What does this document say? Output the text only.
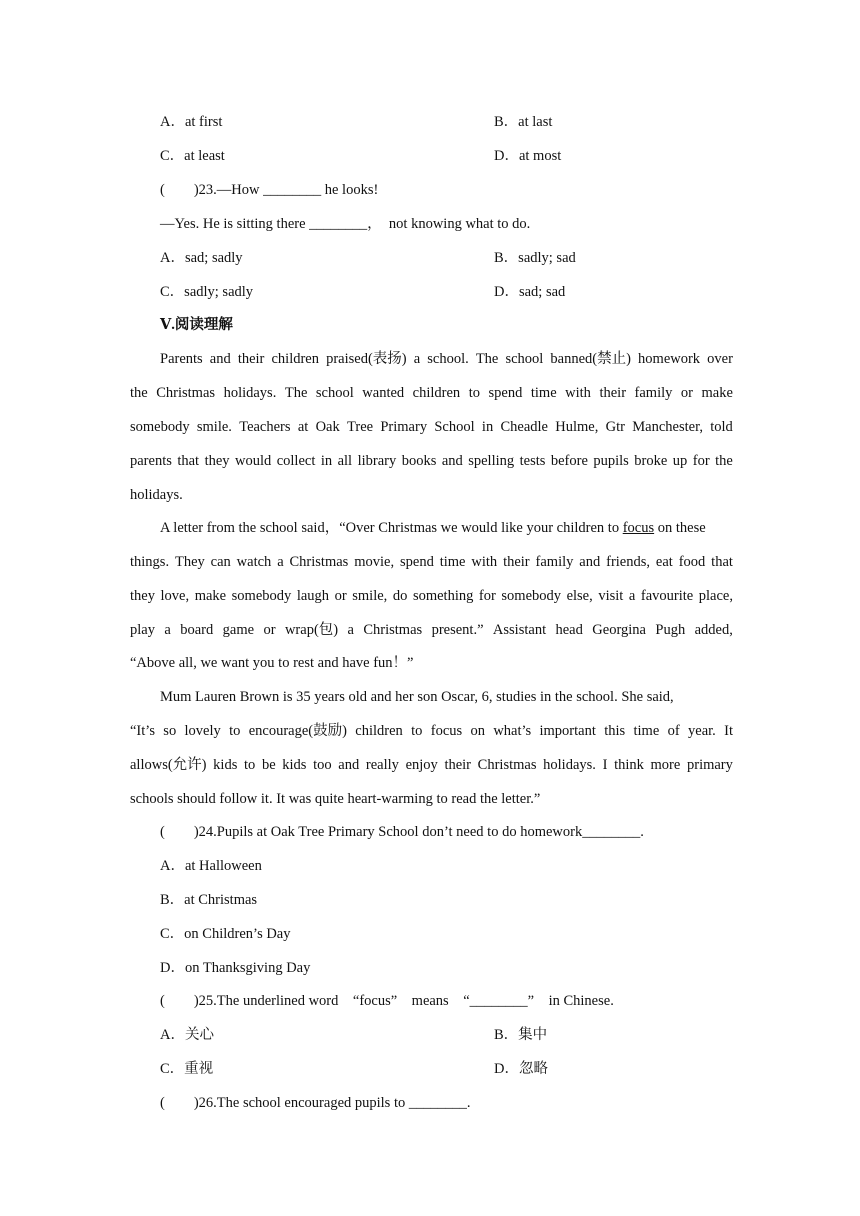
A．at first	B．at last
C．at least	D．at most
(　　)23.—How ________ he looks!
—Yes. He is sitting there ________，　not knowing what to do.
A．sad; sadly	B．sadly; sad
C．sadly; sadly	D．sad; sad
Ⅴ.阅读理解
Parents and their children praised(表扬) a school. The school banned(禁止) homework over
the Christmas holidays. The school wanted children to spend time with their family or make
somebody smile. Teachers at Oak Tree Primary School in Cheadle Hulme, Gtr Manchester, told
parents that they would collect in all library books and spelling tests before pupils broke up for the
holidays.
A letter from the school said，“Over Christmas we would like your children to focus on these
things. They can watch a Christmas movie, spend time with their family and friends, eat food that
they love, make somebody laugh or smile, do something for somebody else, visit a favourite place,
play a board game or wrap(包) a Christmas present.” Assistant head Georgina Pugh added,
“Above all, we want you to rest and have fun！”
Mum Lauren Brown is 35 years old and her son Oscar, 6, studies in the school. She said,
“It’s so lovely to encourage(鼓励) children to focus on what’s important this time of year. It
allows(允许) kids to be kids too and really enjoy their Christmas holidays. I think more primary
schools should follow it. It was quite heart-warming to read the letter.”
(　　)24.Pupils at Oak Tree Primary School don’t need to do homework________.
A．at Halloween
B．at Christmas
C．on Children’s Day
D．on Thanksgiving Day
(　　)25.The underlined word　“focus”　means　“________”　in Chinese.
A．关心	B．集中
C．重视	D．忽略
(　　)26.The school encouraged pupils to ________.
